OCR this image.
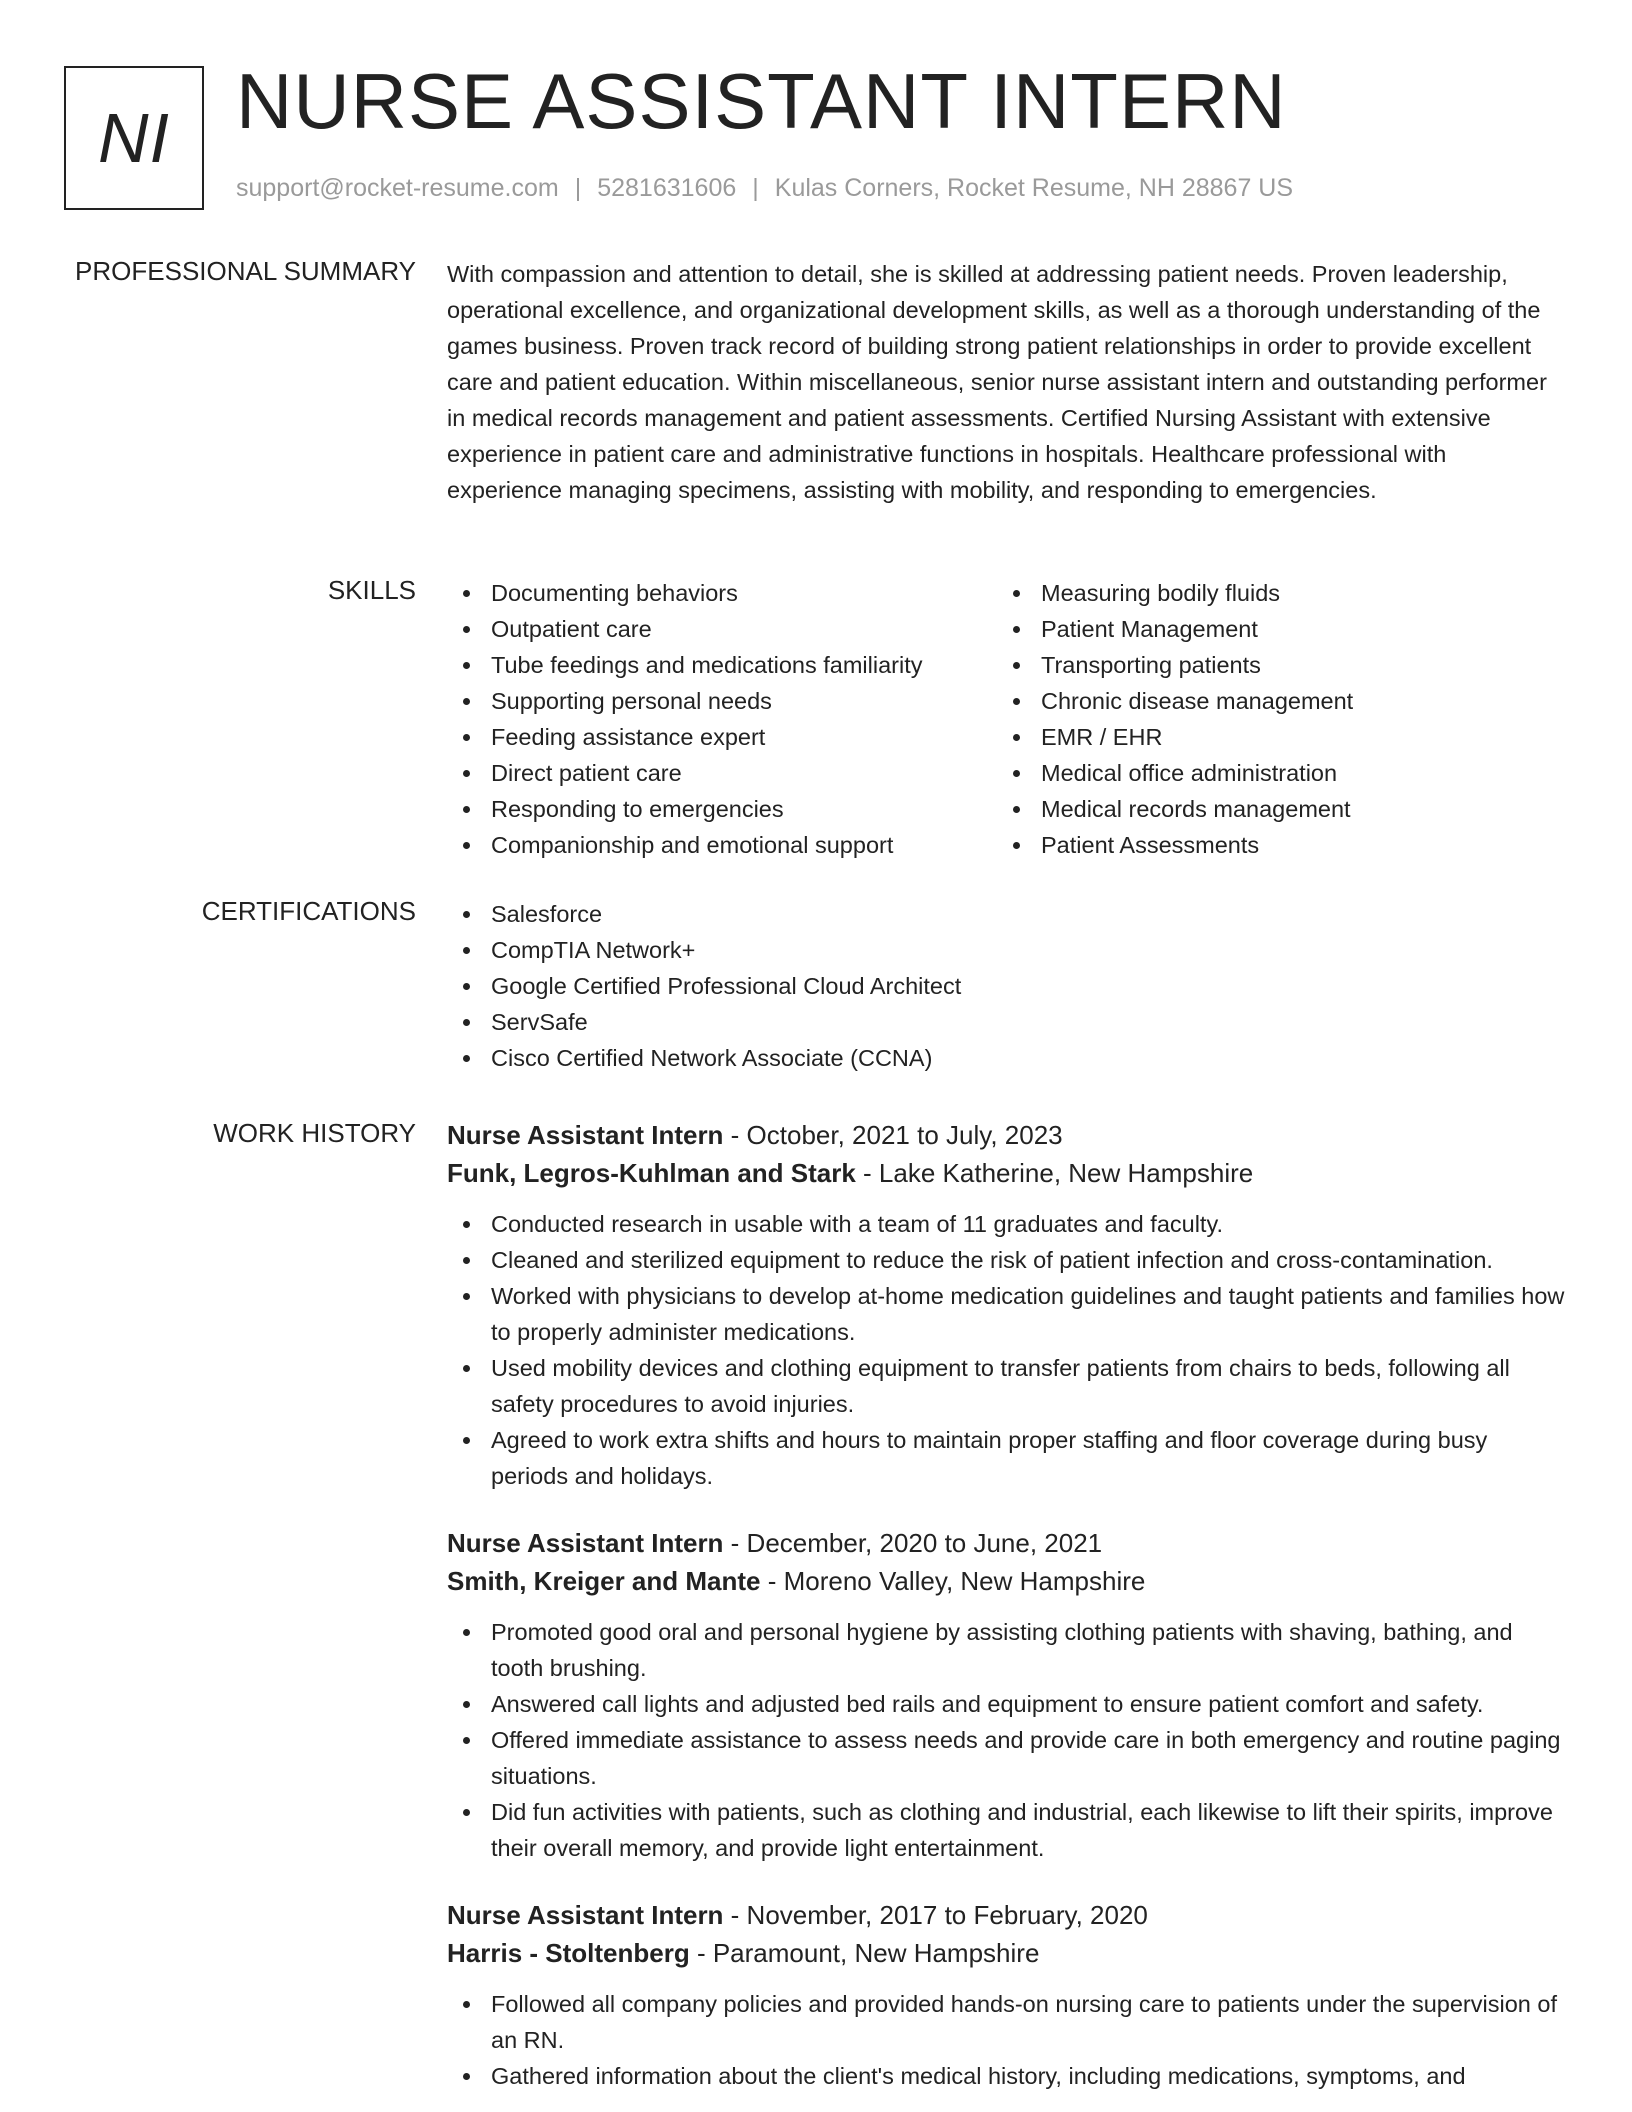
NI NURSE ASSISTANT INTERN
support@rocket-resume.com | 5281631606 | Kulas Corners, Rocket Resume, NH 28867 US
PROFESSIONAL SUMMARY With compassion and attention to detail, she is skilled at addressing patient needs. Proven leadership, operational excellence, and organizational development skills, as well as a thorough understanding of the games business. Proven track record of building strong patient relationships in order to provide excellent care and patient education. Within miscellaneous, senior nurse assistant intern and outstanding performer in medical records management and patient assessments. Certified Nursing Assistant with extensive experience in patient care and administrative functions in hospitals. Healthcare professional with experience managing specimens, assisting with mobility, and responding to emergencies.
SKILLS	Documenting behaviors
Outpatient care
Tube feedings and medications familiarity
Supporting personal needs
Feeding assistance expert
Direct patient care
Responding to emergencies
Companionship and emotional support
Measuring bodily fluids
Patient Management
Transporting patients
Chronic disease management
EMR / EHR
Medical office administration
Medical records management
Patient Assessments
CERTIFICATIONS	Salesforce
CompTIA Network+
Google Certified Professional Cloud Architect
ServSafe
Cisco Certified Network Associate (CCNA)
WORK HISTORY Nurse Assistant Intern - October, 2021 to July, 2023
Funk, Legros-Kuhlman and Stark - Lake Katherine, New Hampshire
Conducted research in usable with a team of 11 graduates and faculty.
Cleaned and sterilized equipment to reduce the risk of patient infection and cross-contamination.
Worked with physicians to develop at-home medication guidelines and taught patients and families how to properly administer medications.
Used mobility devices and clothing equipment to transfer patients from chairs to beds, following all safety procedures to avoid injuries.
Agreed to work extra shifts and hours to maintain proper staffing and floor coverage during busy periods and holidays.
Nurse Assistant Intern - December, 2020 to June, 2021
Smith, Kreiger and Mante - Moreno Valley, New Hampshire
Promoted good oral and personal hygiene by assisting clothing patients with shaving, bathing, and tooth brushing.
Answered call lights and adjusted bed rails and equipment to ensure patient comfort and safety.
Offered immediate assistance to assess needs and provide care in both emergency and routine paging situations.
Did fun activities with patients, such as clothing and industrial, each likewise to lift their spirits, improve their overall memory, and provide light entertainment.
Nurse Assistant Intern - November, 2017 to February, 2020
Harris - Stoltenberg - Paramount, New Hampshire
Followed all company policies and provided hands-on nursing care to patients under the supervision of an RN.
Gathered information about the client's medical history, including medications, symptoms, and
